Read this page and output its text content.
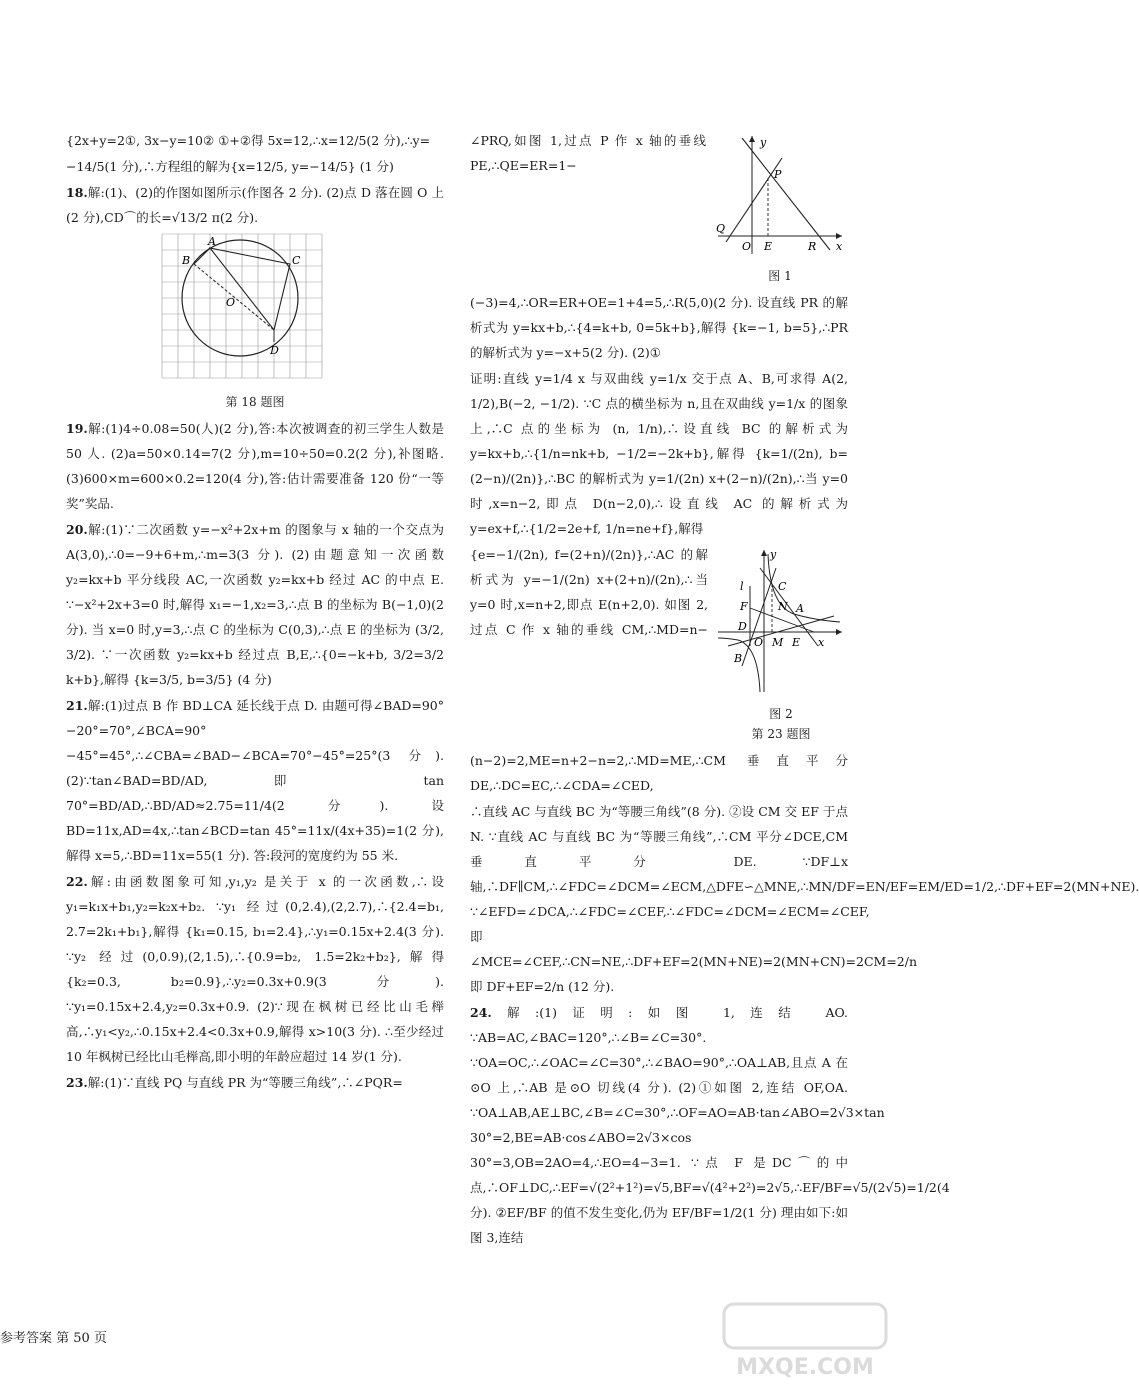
{2x+y=2①, 3x−y=10② ①+②得 5x=12,∴x=12/5(2 分),∴y=

−14/5(1 分),∴方程组的解为{x=12/5, y=−14/5} (1 分)

18.解:(1)、(2)的作图如图所示(作图各 2 分). (2)点 D 落在圆 O 上(2 分),CD⌒的长=√13/2 π(2 分).

A
B	C
O
D
第 18 题图

19.解:(1)4÷0.08=50(人)(2 分),答:本次被调查的初三学生人数是 50 人. (2)a=50×0.14=7(2 分),m=10÷50=0.2(2 分),补图略. (3)600×m=600×0.2=120(4 分),答:估计需要准备 120 份“一等奖”奖品.

20.解:(1)∵二次函数 y=−x²+2x+m 的图象与 x 轴的一个交点为 A(3,0),∴0=−9+6+m,∴m=3(3 分). (2)由题意知一次函数 y₂=kx+b 平分线段 AC,一次函数 y₂=kx+b 经过 AC 的中点 E. ∵−x²+2x+3=0 时,解得 x₁=−1,x₂=3,∴点 B 的坐标为 B(−1,0)(2 分). 当 x=0 时,y=3,∴点 C 的坐标为 C(0,3),∴点 E 的坐标为 (3/2, 3/2). ∵一次函数 y₂=kx+b 经过点 B,E,∴{0=−k+b, 3/2=3/2 k+b},解得 {k=3/5, b=3/5} (4 分)

21.解:(1)过点 B 作 BD⊥CA 延长线于点 D. 由题可得∠BAD=90°−20°=70°,∠BCA=90°−45°=45°,∴∠CBA=∠BAD−∠BCA=70°−45°=25°(3 分). (2)∵tan∠BAD=BD/AD,即 tan 70°=BD/AD,∴BD/AD≈2.75=11/4(2 分). 设 BD=11x,AD=4x,∴tan∠BCD=tan 45°=11x/(4x+35)=1(2 分),解得 x=5,∴BD=11x=55(1 分). 答:段河的宽度约为 55 米.

22.解:由函数图象可知,y₁,y₂ 是关于 x 的一次函数,∴设 y₁=k₁x+b₁,y₂=k₂x+b₂. ∵y₁ 经过(0,2.4),(2,2.7),∴{2.4=b₁, 2.7=2k₁+b₁},解得 {k₁=0.15, b₁=2.4},∴y₁=0.15x+2.4(3 分). ∵y₂ 经过(0,0.9),(2,1.5),∴{0.9=b₂, 1.5=2k₂+b₂},解得 {k₂=0.3, b₂=0.9},∴y₂=0.3x+0.9(3 分). ∵y₁=0.15x+2.4,y₂=0.3x+0.9. (2)∵现在枫树已经比山毛榉高,∴y₁<y₂,∴0.15x+2.4<0.3x+0.9,解得 x>10(3 分). ∴至少经过 10 年枫树已经比山毛榉高,即小明的年龄应超过 14 岁(1 分).

23.解:(1)∵直线 PQ 与直线 PR 为“等腰三角线”,∴∠PQR=

y
P
Q
O E	R x
图 1

∠PRQ,如图 1,过点 P 作 x 轴的垂线 PE,∴QE=ER=1−(−3)=4,∴OR=ER+OE=1+4=5,∴R(5,0)(2 分). 设直线 PR 的解析式为 y=kx+b,∴{4=k+b, 0=5k+b},解得 {k=−1, b=5},∴PR 的解析式为 y=−x+5(2 分). (2)①

证明:直线 y=1/4 x 与双曲线 y=1/x 交于点 A、B,可求得 A(2, 1/2),B(−2, −1/2). ∵C 点的横坐标为 n,且在双曲线 y=1/x 的图象上,∴C 点的坐标为 (n, 1/n),∴设直线 BC 的解析式为 y=kx+b,∴{1/n=nk+b, −1/2=−2k+b},解得 {k=1/(2n), b=(2−n)/(2n)},∴BC 的解析式为 y=1/(2n) x+(2−n)/(2n),∴当 y=0 时,x=n−2,即点 D(n−2,0),∴设直线 AC 的解析式为 y=ex+f,∴{1/2=2e+f, 1/n=ne+f},解得

y
l	C
F	N A
D
O M E x
B
图 2
第 23 题图

{e=−1/(2n), f=(2+n)/(2n)},∴AC 的解析式为 y=−1/(2n) x+(2+n)/(2n),∴当 y=0 时,x=n+2,即点 E(n+2,0). 如图 2,过点 C 作 x 轴的垂线 CM,∴MD=n−(n−2)=2,ME=n+2−n=2,∴MD=ME,∴CM 垂直平分 DE,∴DC=EC,∴∠CDA=∠CED,

∴直线 AC 与直线 BC 为“等腰三角线”(8 分). ②设 CM 交 EF 于点 N. ∵直线 AC 与直线 BC 为“等腰三角线”,∴CM 平分∠DCE,CM 垂直平分 DE. ∵DF⊥x 轴,∴DF∥CM,∴∠FDC=∠DCM=∠ECM,△DFE∽△MNE,∴MN/DF=EN/EF=EM/ED=1/2,∴DF+EF=2(MN+NE). ∵∠EFD=∠DCA,∴∠FDC=∠CEF,∴∠FDC=∠DCM=∠ECM=∠CEF,即∠MCE=∠CEF,∴CN=NE,∴DF+EF=2(MN+NE)=2(MN+CN)=2CM=2/n 即 DF+EF=2/n (12 分).

24.解:(1)证明:如图 1,连结 AO. ∵AB=AC,∠BAC=120°,∴∠B=∠C=30°. ∵OA=OC,∴∠OAC=∠C=30°,∴∠BAO=90°,∴OA⊥AB,且点 A 在⊙O 上,∴AB 是⊙O 切线(4 分). (2)①如图 2,连结 OF,OA. ∵OA⊥AB,AE⊥BC,∠B=∠C=30°,∴OF=AO=AB·tan∠ABO=2√3×tan 30°=2,BE=AB·cos∠ABO=2√3×cos 30°=3,OB=2AO=4,∴EO=4−3=1. ∵点 F 是DC⌒的中点,∴OF⊥DC,∴EF=√(2²+1²)=√5,BF=√(4²+2²)=2√5,∴EF/BF=√5/(2√5)=1/2(4 分). ②EF/BF 的值不发生变化,仍为 EF/BF=1/2(1 分) 理由如下:如图 3,连结

参考答案 第 50 页
MXQE.COM
